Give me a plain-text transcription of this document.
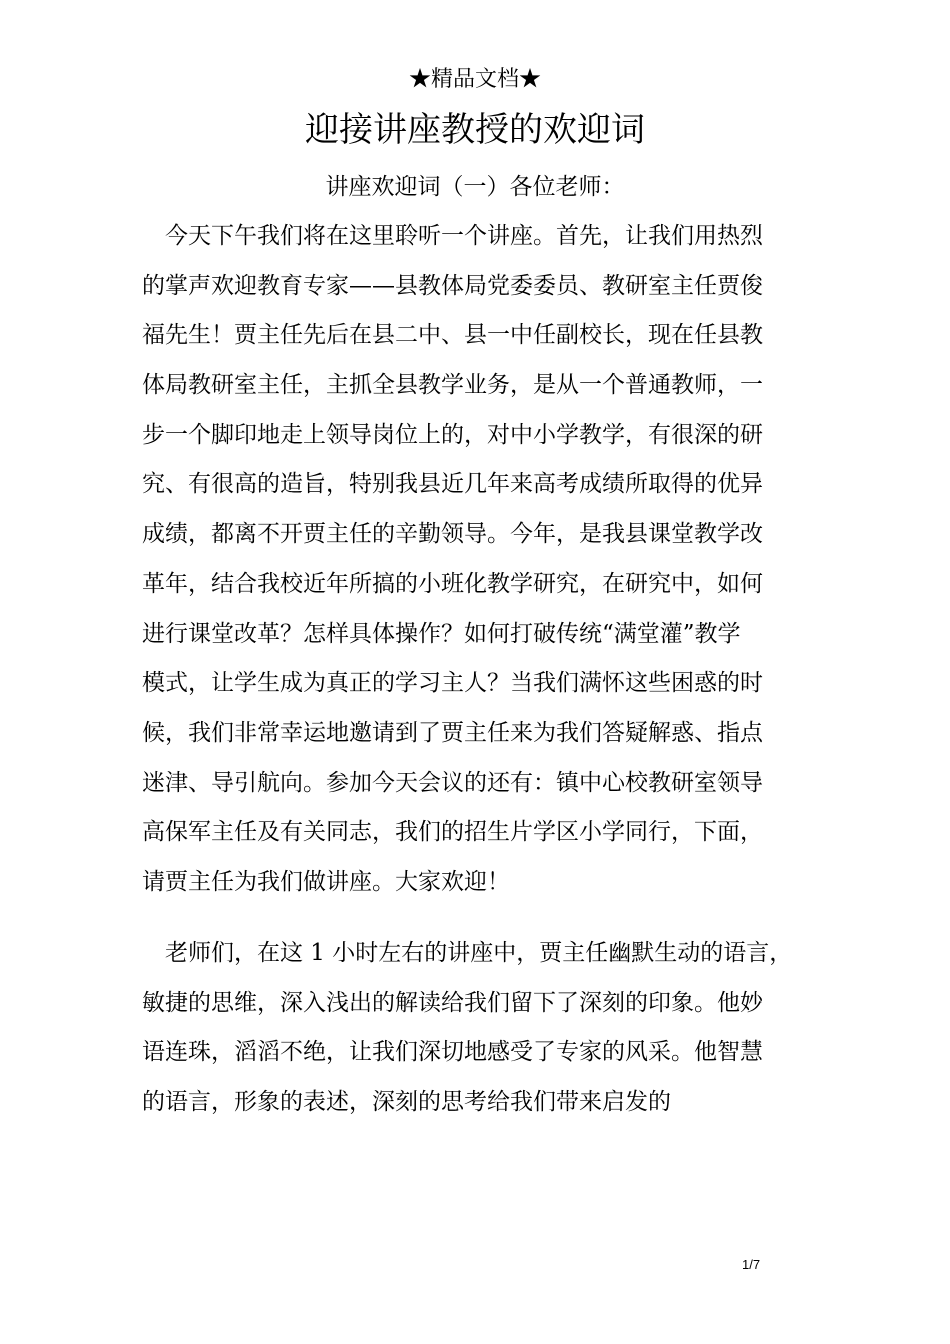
★精品文档★
迎接讲座教授的欢迎词
讲座欢迎词（一）各位老师：
　今天下午我们将在这里聆听一个讲座。首先，让我们用热烈
的掌声欢迎教育专家——县教体局党委委员、教研室主任贾俊
福先生！贾主任先后在县二中、县一中任副校长，现在任县教
体局教研室主任，主抓全县教学业务，是从一个普通教师，一
步一个脚印地走上领导岗位上的，对中小学教学，有很深的研
究、有很高的造旨，特别我县近几年来高考成绩所取得的优异
成绩，都离不开贾主任的辛勤领导。今年，是我县课堂教学改
革年，结合我校近年所搞的小班化教学研究，在研究中，如何
进行课堂改革？怎样具体操作？如何打破传统“满堂灌”教学
模式，让学生成为真正的学习主人？当我们满怀这些困惑的时
候，我们非常幸运地邀请到了贾主任来为我们答疑解惑、指点
迷津、导引航向。参加今天会议的还有：镇中心校教研室领导
高保军主任及有关同志，我们的招生片学区小学同行，下面，
请贾主任为我们做讲座。大家欢迎！
　老师们，在这 1 小时左右的讲座中，贾主任幽默生动的语言，
敏捷的思维，深入浅出的解读给我们留下了深刻的印象。他妙
语连珠，滔滔不绝，让我们深切地感受了专家的风采。他智慧
的语言，形象的表述，深刻的思考给我们带来启发的
1/7
